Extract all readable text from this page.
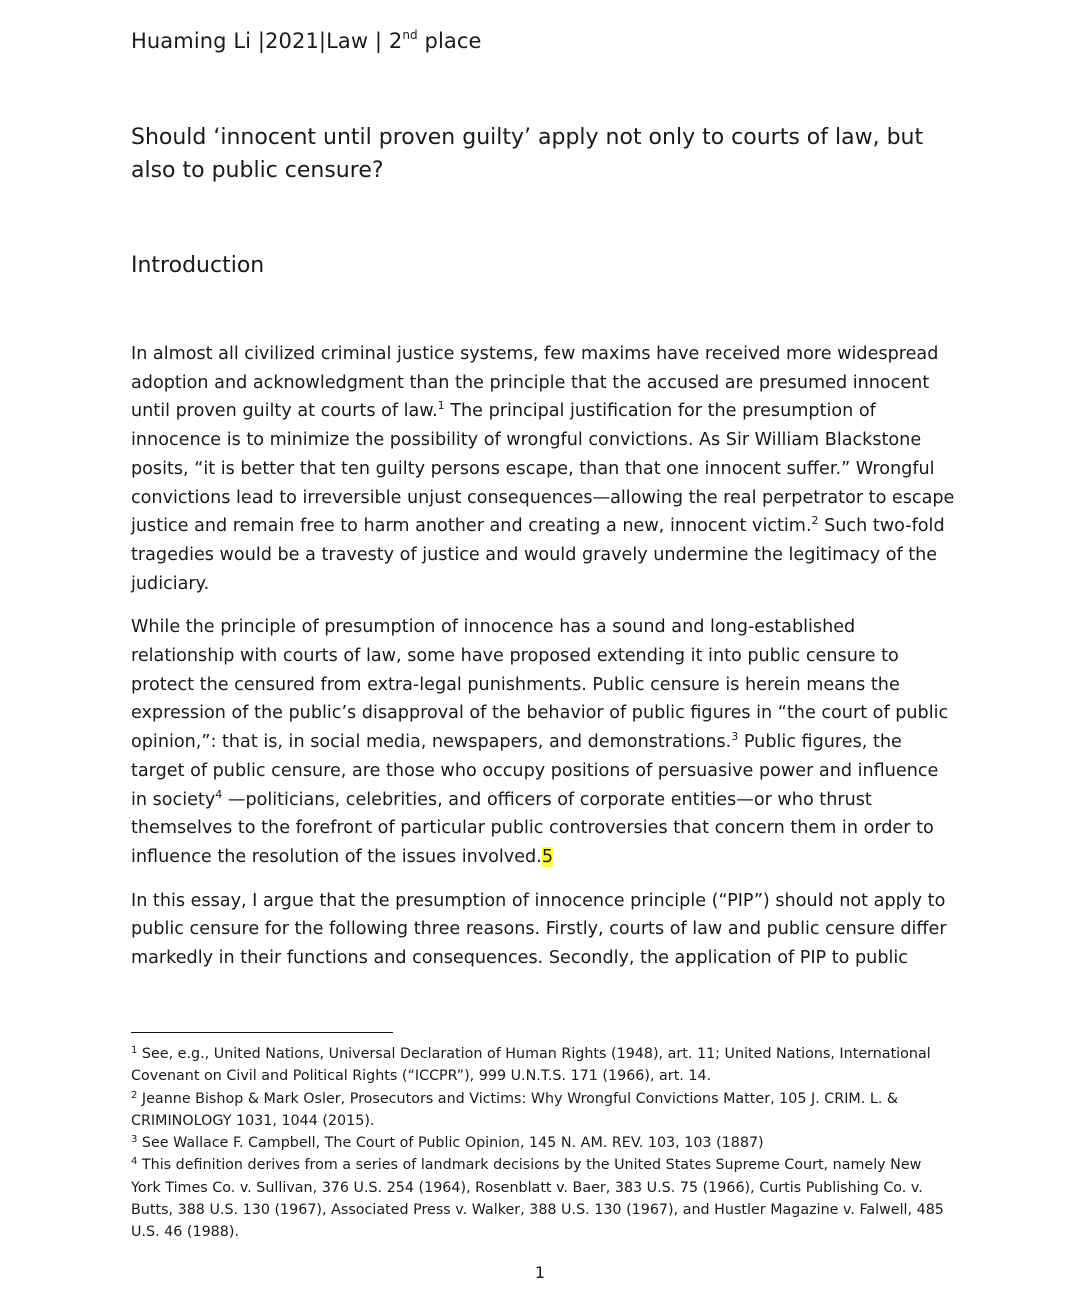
Huaming Li |2021|Law | 2nd place
Should ‘innocent until proven guilty’ apply not only to courts of law, but also to public censure?
Introduction

In almost all civilized criminal justice systems, few maxims have received more widespread adoption and acknowledgment than the principle that the accused are presumed innocent until proven guilty at courts of law.$^1$ The principal justification for the presumption of innocence is to minimize the possibility of wrongful convictions. As Sir William Blackstone posits, “it is better that ten guilty persons escape, than that one innocent suffer.” Wrongful convictions lead to irreversible unjust consequences—allowing the real perpetrator to escape justice and remain free to harm another and creating a new, innocent victim.$^2$ Such two-fold tragedies would be a travesty of justice and would gravely undermine the legitimacy of the judiciary.

While the principle of presumption of innocence has a sound and long-established relationship with courts of law, some have proposed extending it into public censure to protect the censured from extra-legal punishments. Public censure is herein means the expression of the public’s disapproval of the behavior of public figures in “the court of public opinion,”: that is, in social media, newspapers, and demonstrations.$^3$ Public figures, the target of public censure, are those who occupy positions of persuasive power and influence in society$^4$ —politicians, celebrities, and officers of corporate entities—or who thrust themselves to the forefront of particular public controversies that concern them in order to influence the resolution of the issues involved.5

In this essay, I argue that the presumption of innocence principle (“PIP”) should not apply to public censure for the following three reasons. Firstly, courts of law and public censure differ markedly in their functions and consequences. Secondly, the application of PIP to public

$^1$ See, e.g., United Nations, Universal Declaration of Human Rights (1948), art. 11; United Nations, International Covenant on Civil and Political Rights (“ICCPR”), 999 U.N.T.S. 171 (1966), art. 14.

$^2$ Jeanne Bishop & Mark Osler, Prosecutors and Victims: Why Wrongful Convictions Matter, 105 J. CRIM. L. & CRIMINOLOGY 1031, 1044 (2015).

$^3$ See Wallace F. Campbell, The Court of Public Opinion, 145 N. AM. REV. 103, 103 (1887)

$^4$ This definition derives from a series of landmark decisions by the United States Supreme Court, namely New York Times Co. v. Sullivan, 376 U.S. 254 (1964), Rosenblatt v. Baer, 383 U.S. 75 (1966), Curtis Publishing Co. v. Butts, 388 U.S. 130 (1967), Associated Press v. Walker, 388 U.S. 130 (1967), and Hustler Magazine v. Falwell, 485 U.S. 46 (1988).

1
